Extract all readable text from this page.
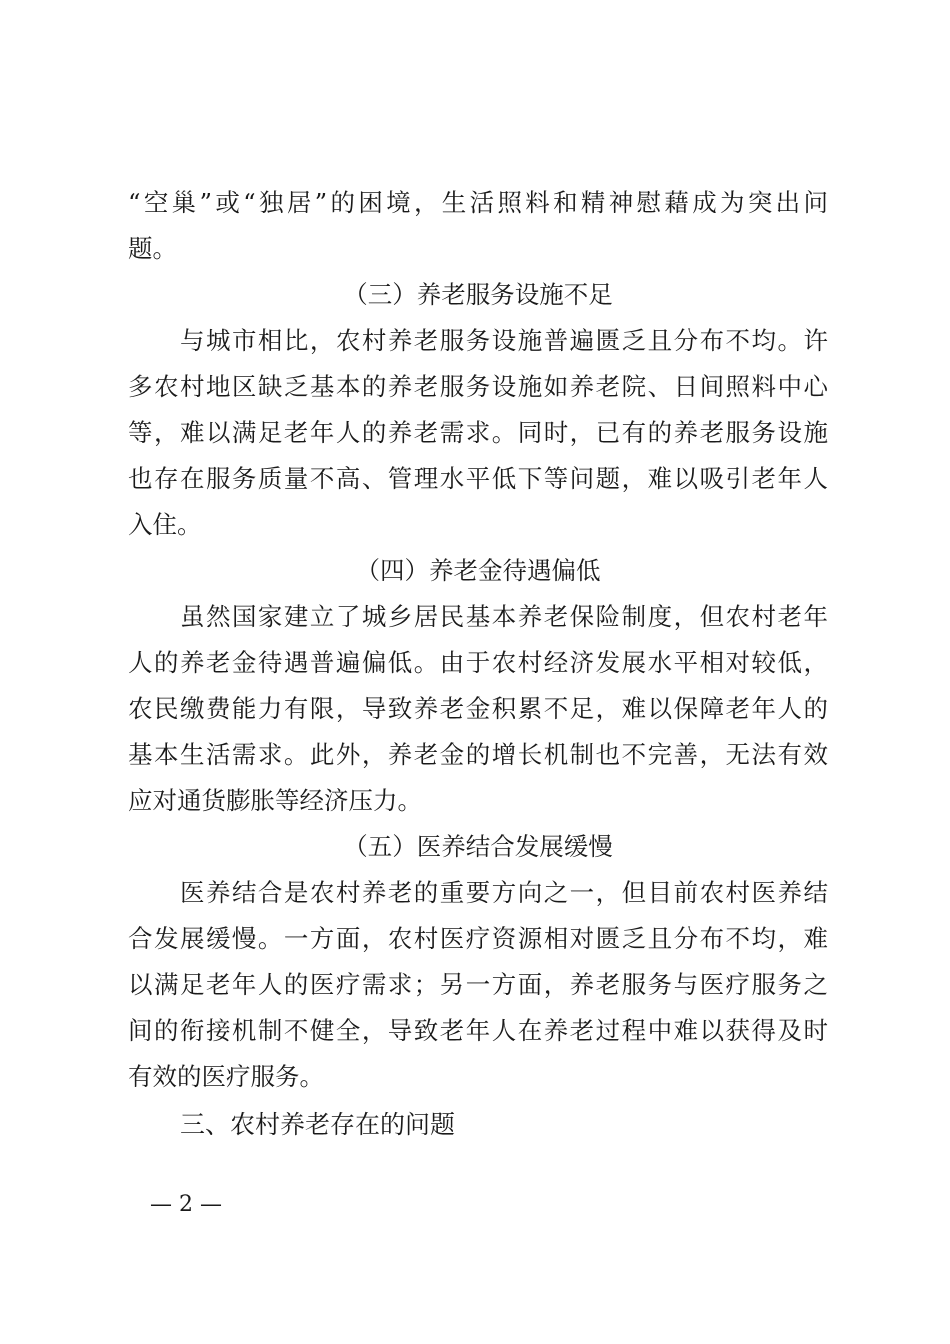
“空巢”或“独居”的困境，生活照料和精神慰藉成为突出问
题。
（三）养老服务设施不足
与城市相比，农村养老服务设施普遍匮乏且分布不均。许
多农村地区缺乏基本的养老服务设施如养老院、日间照料中心
等，难以满足老年人的养老需求。同时，已有的养老服务设施
也存在服务质量不高、管理水平低下等问题，难以吸引老年人
入住。
（四）养老金待遇偏低
虽然国家建立了城乡居民基本养老保险制度，但农村老年
人的养老金待遇普遍偏低。由于农村经济发展水平相对较低，
农民缴费能力有限，导致养老金积累不足，难以保障老年人的
基本生活需求。此外，养老金的增长机制也不完善，无法有效
应对通货膨胀等经济压力。
（五）医养结合发展缓慢
医养结合是农村养老的重要方向之一，但目前农村医养结
合发展缓慢。一方面，农村医疗资源相对匮乏且分布不均，难
以满足老年人的医疗需求；另一方面，养老服务与医疗服务之
间的衔接机制不健全，导致老年人在养老过程中难以获得及时
有效的医疗服务。
三、农村养老存在的问题
— 2 —
